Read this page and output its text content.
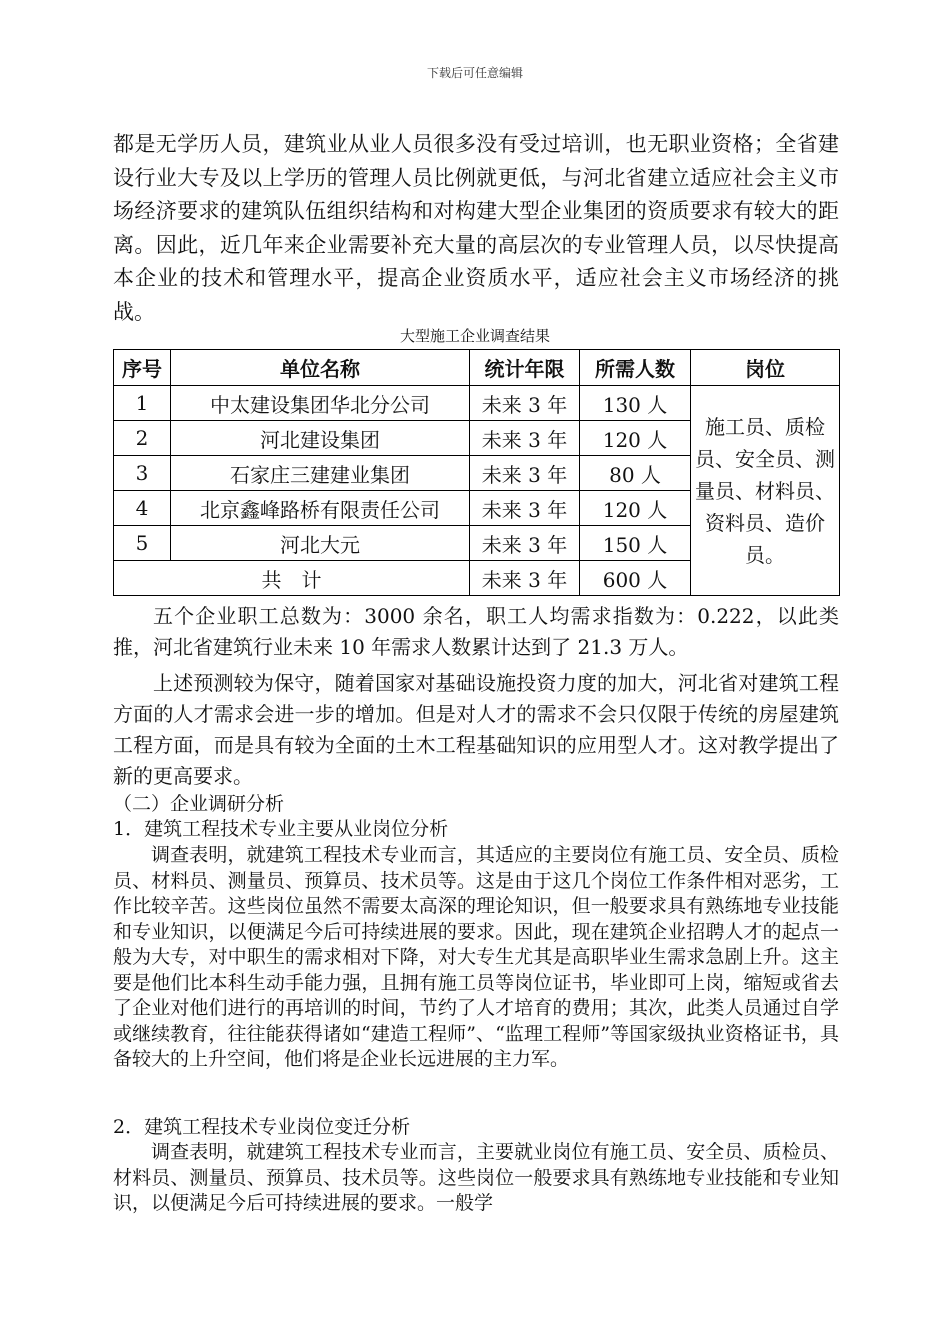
下载后可任意编辑

都是无学历人员，建筑业从业人员很多没有受过培训，也无职业资格；全省建设行业大专及以上学历的管理人员比例就更低，与河北省建立适应社会主义市场经济要求的建筑队伍组织结构和对构建大型企业集团的资质要求有较大的距离。因此，近几年来企业需要补充大量的高层次的专业管理人员，以尽快提高本企业的技术和管理水平，提高企业资质水平，适应社会主义市场经济的挑战。

大型施工企业调查结果
序号	单位名称	统计年限	所需人数	岗位
1	中太建设集团华北分公司	未来 3 年	130 人	施工员、质检员、安全员、测量员、材料员、资料员、造价员。
2	河北建设集团	未来 3 年	120 人	
3	石家庄三建建业集团	未来 3 年	80 人	
4	北京鑫峰路桥有限责任公司	未来 3 年	120 人	
5	河北大元	未来 3 年	150 人	
共　计		未来 3 年	600 人	

五个企业职工总数为：3000 余名，职工人均需求指数为：0.222，以此类推，河北省建筑行业未来 10 年需求人数累计达到了 21.3 万人。

上述预测较为保守，随着国家对基础设施投资力度的加大，河北省对建筑工程方面的人才需求会进一步的增加。但是对人才的需求不会只仅限于传统的房屋建筑工程方面，而是具有较为全面的土木工程基础知识的应用型人才。这对教学提出了新的更高要求。

（二）企业调研分析

1．建筑工程技术专业主要从业岗位分析

调查表明，就建筑工程技术专业而言，其适应的主要岗位有施工员、安全员、质检员、材料员、测量员、预算员、技术员等。这是由于这几个岗位工作条件相对恶劣，工作比较辛苦。这些岗位虽然不需要太高深的理论知识，但一般要求具有熟练地专业技能和专业知识，以便满足今后可持续进展的要求。因此，现在建筑企业招聘人才的起点一般为大专，对中职生的需求相对下降，对大专生尤其是高职毕业生需求急剧上升。这主要是他们比本科生动手能力强，且拥有施工员等岗位证书，毕业即可上岗，缩短或省去了企业对他们进行的再培训的时间，节约了人才培育的费用；其次，此类人员通过自学或继续教育，往往能获得诸如“建造工程师”、“监理工程师”等国家级执业资格证书，具备较大的上升空间，他们将是企业长远进展的主力军。

2．建筑工程技术专业岗位变迁分析

调查表明，就建筑工程技术专业而言，主要就业岗位有施工员、安全员、质检员、材料员、测量员、预算员、技术员等。这些岗位一般要求具有熟练地专业技能和专业知识，以便满足今后可持续进展的要求。一般学
